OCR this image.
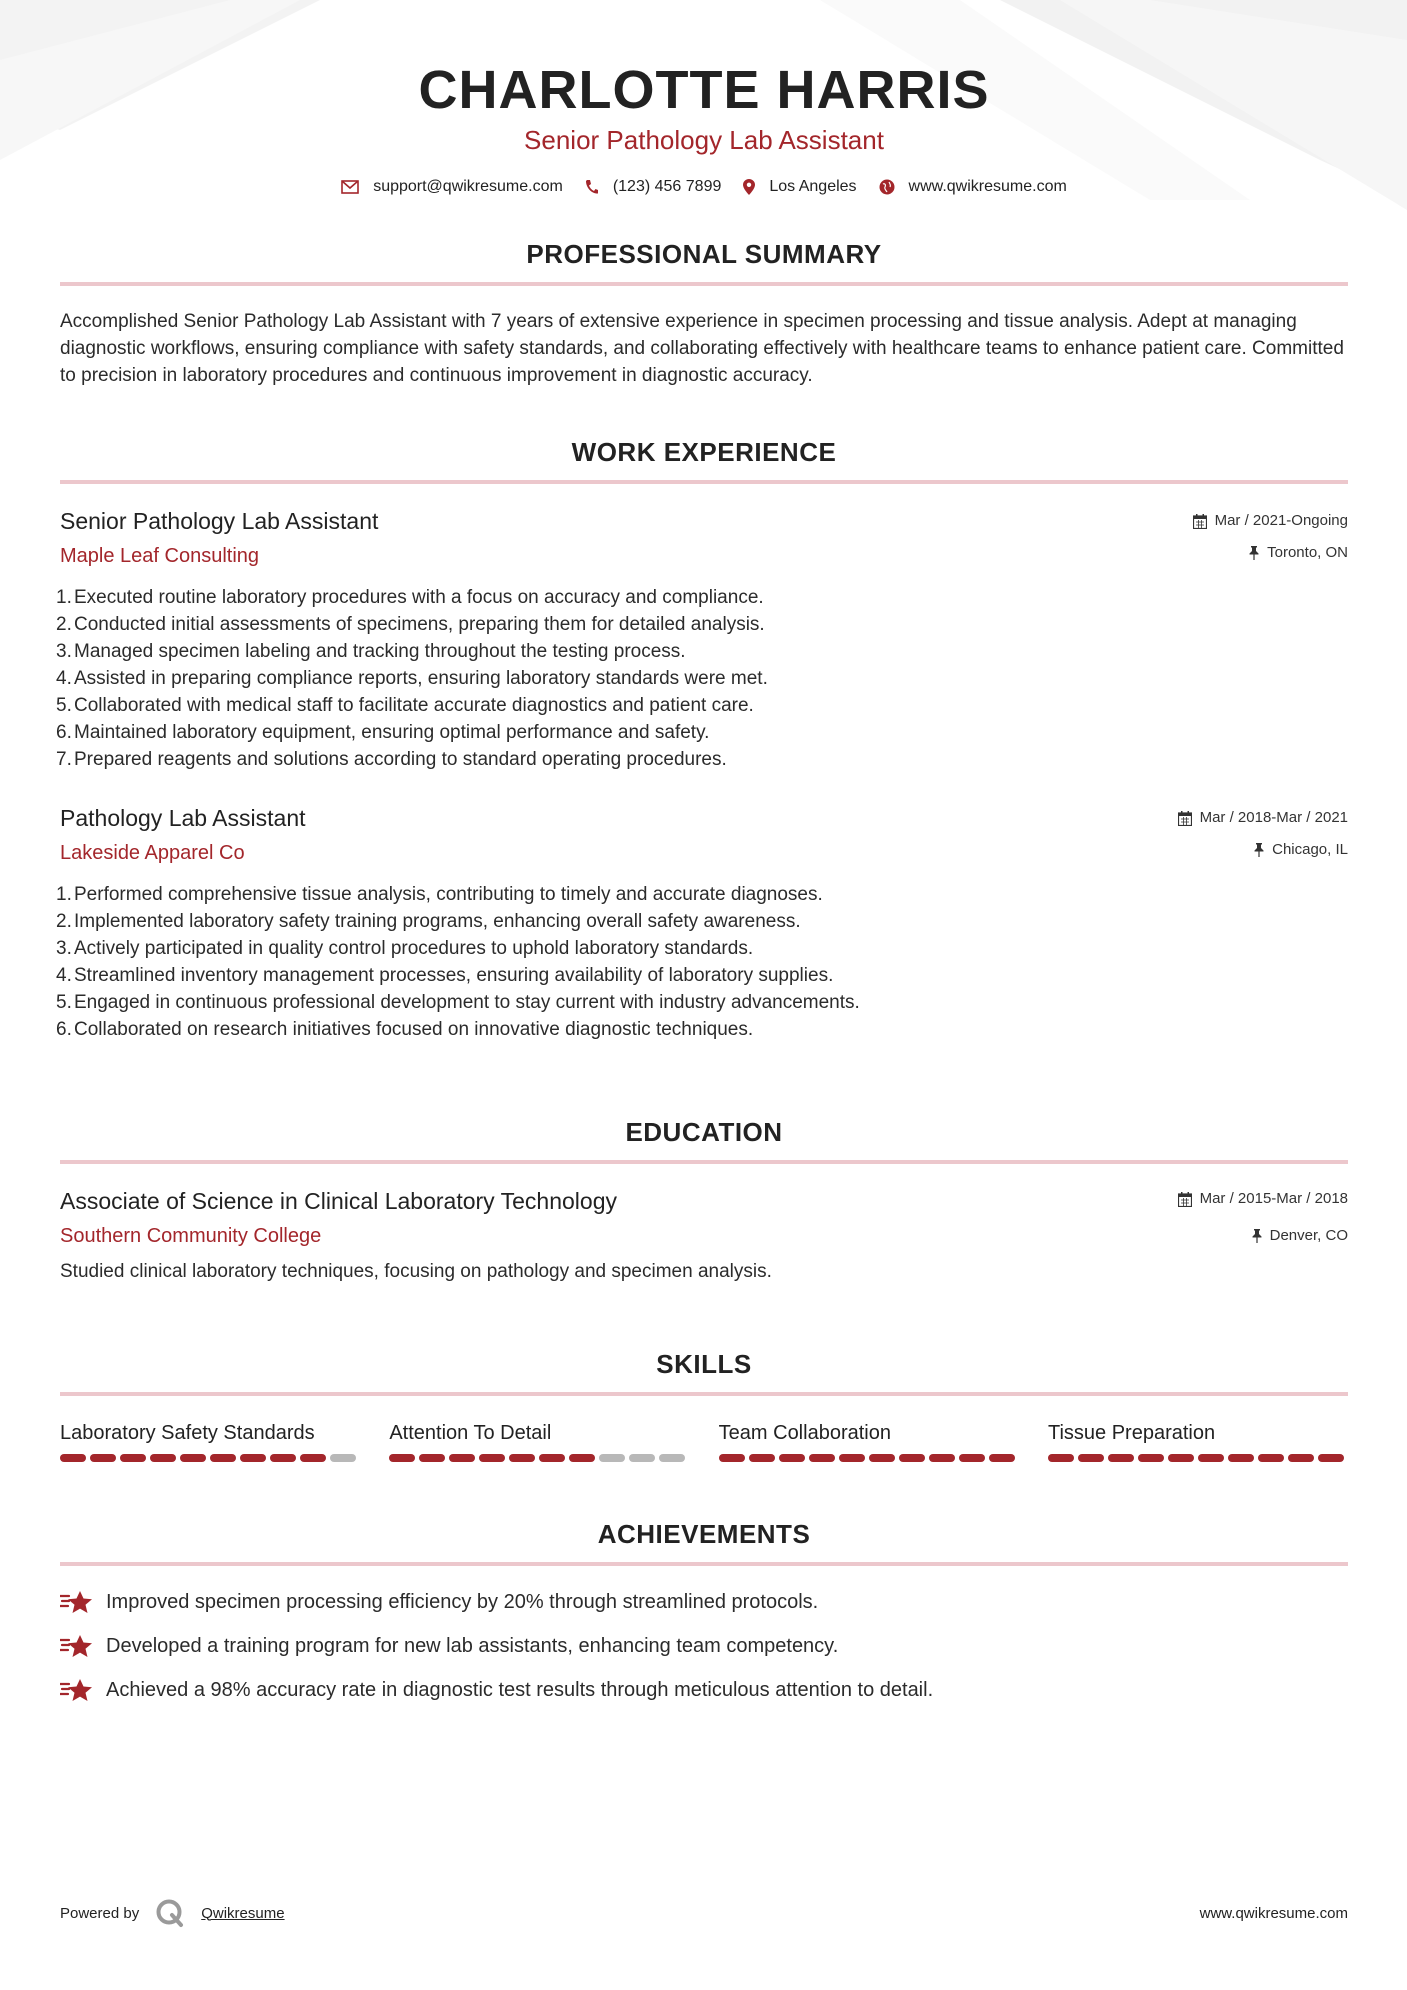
CHARLOTTE HARRIS
Senior Pathology Lab Assistant
support@qwikresume.com	(123) 456 7899	Los Angeles	www.qwikresume.com
PROFESSIONAL SUMMARY
Accomplished Senior Pathology Lab Assistant with 7 years of extensive experience in specimen processing and tissue analysis. Adept at managing diagnostic workflows, ensuring compliance with safety standards, and collaborating effectively with healthcare teams to enhance patient care. Committed to precision in laboratory procedures and continuous improvement in diagnostic accuracy.
WORK EXPERIENCE
Senior Pathology Lab Assistant
Maple Leaf Consulting
Mar / 2021-Ongoing
Toronto, ON
1. Executed routine laboratory procedures with a focus on accuracy and compliance.
2. Conducted initial assessments of specimens, preparing them for detailed analysis.
3. Managed specimen labeling and tracking throughout the testing process.
4. Assisted in preparing compliance reports, ensuring laboratory standards were met.
5. Collaborated with medical staff to facilitate accurate diagnostics and patient care.
6. Maintained laboratory equipment, ensuring optimal performance and safety.
7. Prepared reagents and solutions according to standard operating procedures.
Pathology Lab Assistant
Lakeside Apparel Co
Mar / 2018-Mar / 2021
Chicago, IL
1. Performed comprehensive tissue analysis, contributing to timely and accurate diagnoses.
2. Implemented laboratory safety training programs, enhancing overall safety awareness.
3. Actively participated in quality control procedures to uphold laboratory standards.
4. Streamlined inventory management processes, ensuring availability of laboratory supplies.
5. Engaged in continuous professional development to stay current with industry advancements.
6. Collaborated on research initiatives focused on innovative diagnostic techniques.
EDUCATION
Associate of Science in Clinical Laboratory Technology
Southern Community College
Mar / 2015-Mar / 2018
Denver, CO
Studied clinical laboratory techniques, focusing on pathology and specimen analysis.
SKILLS
Laboratory Safety Standards	Attention To Detail	Team Collaboration	Tissue Preparation
ACHIEVEMENTS
Improved specimen processing efficiency by 20% through streamlined protocols.
Developed a training program for new lab assistants, enhancing team competency.
Achieved a 98% accuracy rate in diagnostic test results through meticulous attention to detail.
Powered by	Qwikresume	www.qwikresume.com
